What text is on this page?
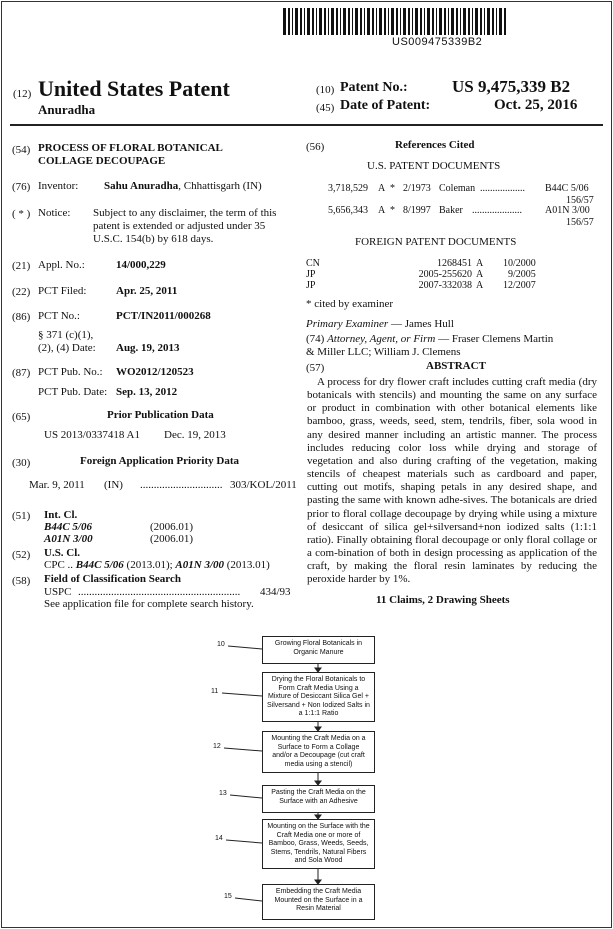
US009475339B2
(12) United States Patent
Anuradha
(10) Patent No.:	US 9,475,339 B2
(45) Date of Patent:	Oct. 25, 2016
(54) PROCESS OF FLORAL BOTANICAL
COLLAGE DECOUPAGE
(76) Inventor: Sahu Anuradha, Chhattisgarh (IN)
( * ) Notice: Subject to any disclaimer, the term of this
patent is extended or adjusted under 35
U.S.C. 154(b) by 618 days.
(21) Appl. No.:	14/000,229
(22) PCT Filed:	Apr. 25, 2011
(86) PCT No.:	PCT/IN2011/000268
§ 371 (c)(1),
(2), (4) Date: Aug. 19, 2013
(87) PCT Pub. No.: WO2012/120523
PCT Pub. Date: Sep. 13, 2012
(65)	Prior Publication Data
US 2013/0337418 A1 Dec. 19, 2013
(30)	Foreign Application Priority Data
Mar. 9, 2011 (IN) .............................. 303/KOL/2011
(51) Int. Cl.
B44C 5/06	(2006.01)
A01N 3/00	(2006.01)
(52) U.S. Cl.
CPC .. B44C 5/06 (2013.01); A01N 3/00 (2013.01)
(58) Field of Classification Search
USPC ........................................................... 434/93
See application file for complete search history.
(56)	References Cited
U.S. PATENT DOCUMENTS
3,718,529 A * 2/1973 Coleman .................. B44C 5/06
156/57
5,656,343 A * 8/1997 Baker .................... A01N 3/00
156/57
FOREIGN PATENT DOCUMENTS
CN	1268451 A 10/2000
JP	2005-255620 A 9/2005
JP	2007-332038 A 12/2007
* cited by examiner
Primary Examiner — James Hull
(74) Attorney, Agent, or Firm — Fraser Clemens Martin
& Miller LLC; William J. Clemens
(57)	ABSTRACT
A process for dry flower craft includes cutting craft media (dry botanicals with stencils) and mounting the same on any surface or product in combination with other botanical elements like bamboo, grass, weeds, seed, stem, tendrils, fiber, sola wood in any desired manner including an artistic manner. The process includes reducing color loss while drying and storage of vegetation and also during crafting of the vegetation, making stencils of cheapest materials such as cardboard and paper, cutting out motifs, shaping petals in any desired shape, and pasting the same with known adhe-sives. The botanicals are dried prior to floral collage decoupage by drying while using a mixture of desiccant of silica gel+silversand+non iodized salts (1:1:1 ratio). Finally obtaining floral decoupage or only floral collage or a com-bination of both in design processing as application of the craft, by making the floral resin laminates by reducing the peroxide harder by 1%.
11 Claims, 2 Drawing Sheets
Growing Floral Botanicals in Organic Manure
10
Drying the Floral Botanicals to Form Craft Media Using a Mixture of Desiccant Silica Gel + Silversand + Non Iodized Salts in a 1:1:1 Ratio
11
Mounting the Craft Media on a Surface to Form a Collage and/or a Decoupage (cut craft media using a stencil)
12
Pasting the Craft Media on the Surface with an Adhesive
13
Mounting on the Surface with the Craft Media one or more of Bamboo, Grass, Weeds, Seeds, Stems, Tendrils, Natural Fibers and Sola Wood
14
Embedding the Craft Media Mounted on the Surface in a Resin Material
15
